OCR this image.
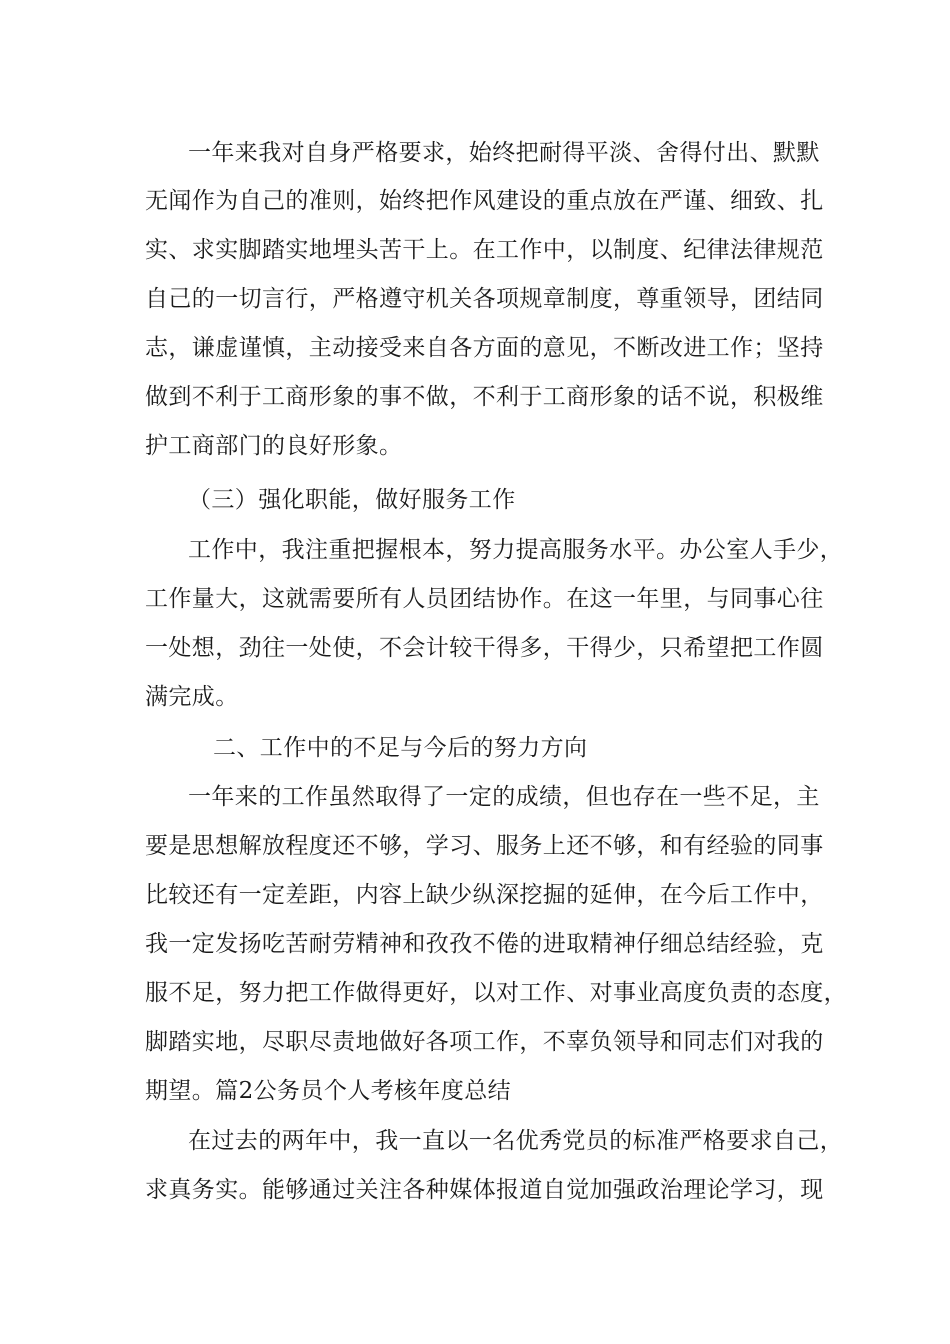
一年来我对自身严格要求，始终把耐得平淡、舍得付出、默默
无闻作为自己的准则，始终把作风建设的重点放在严谨、细致、扎
实、求实脚踏实地埋头苦干上。在工作中，以制度、纪律法律规范
自己的一切言行，严格遵守机关各项规章制度，尊重领导，团结同
志，谦虚谨慎，主动接受来自各方面的意见，不断改进工作；坚持
做到不利于工商形象的事不做，不利于工商形象的话不说，积极维
护工商部门的良好形象。
（三）强化职能，做好服务工作
工作中，我注重把握根本，努力提高服务水平。办公室人手少，
工作量大，这就需要所有人员团结协作。在这一年里，与同事心往
一处想，劲往一处使，不会计较干得多，干得少，只希望把工作圆
满完成。
二、工作中的不足与今后的努力方向
一年来的工作虽然取得了一定的成绩，但也存在一些不足，主
要是思想解放程度还不够，学习、服务上还不够，和有经验的同事
比较还有一定差距，内容上缺少纵深挖掘的延伸，在今后工作中，
我一定发扬吃苦耐劳精神和孜孜不倦的进取精神仔细总结经验，克
服不足，努力把工作做得更好，以对工作、对事业高度负责的态度，
脚踏实地，尽职尽责地做好各项工作，不辜负领导和同志们对我的
期望。篇2公务员个人考核年度总结
在过去的两年中，我一直以一名优秀党员的标准严格要求自己，
求真务实。能够通过关注各种媒体报道自觉加强政治理论学习，现
